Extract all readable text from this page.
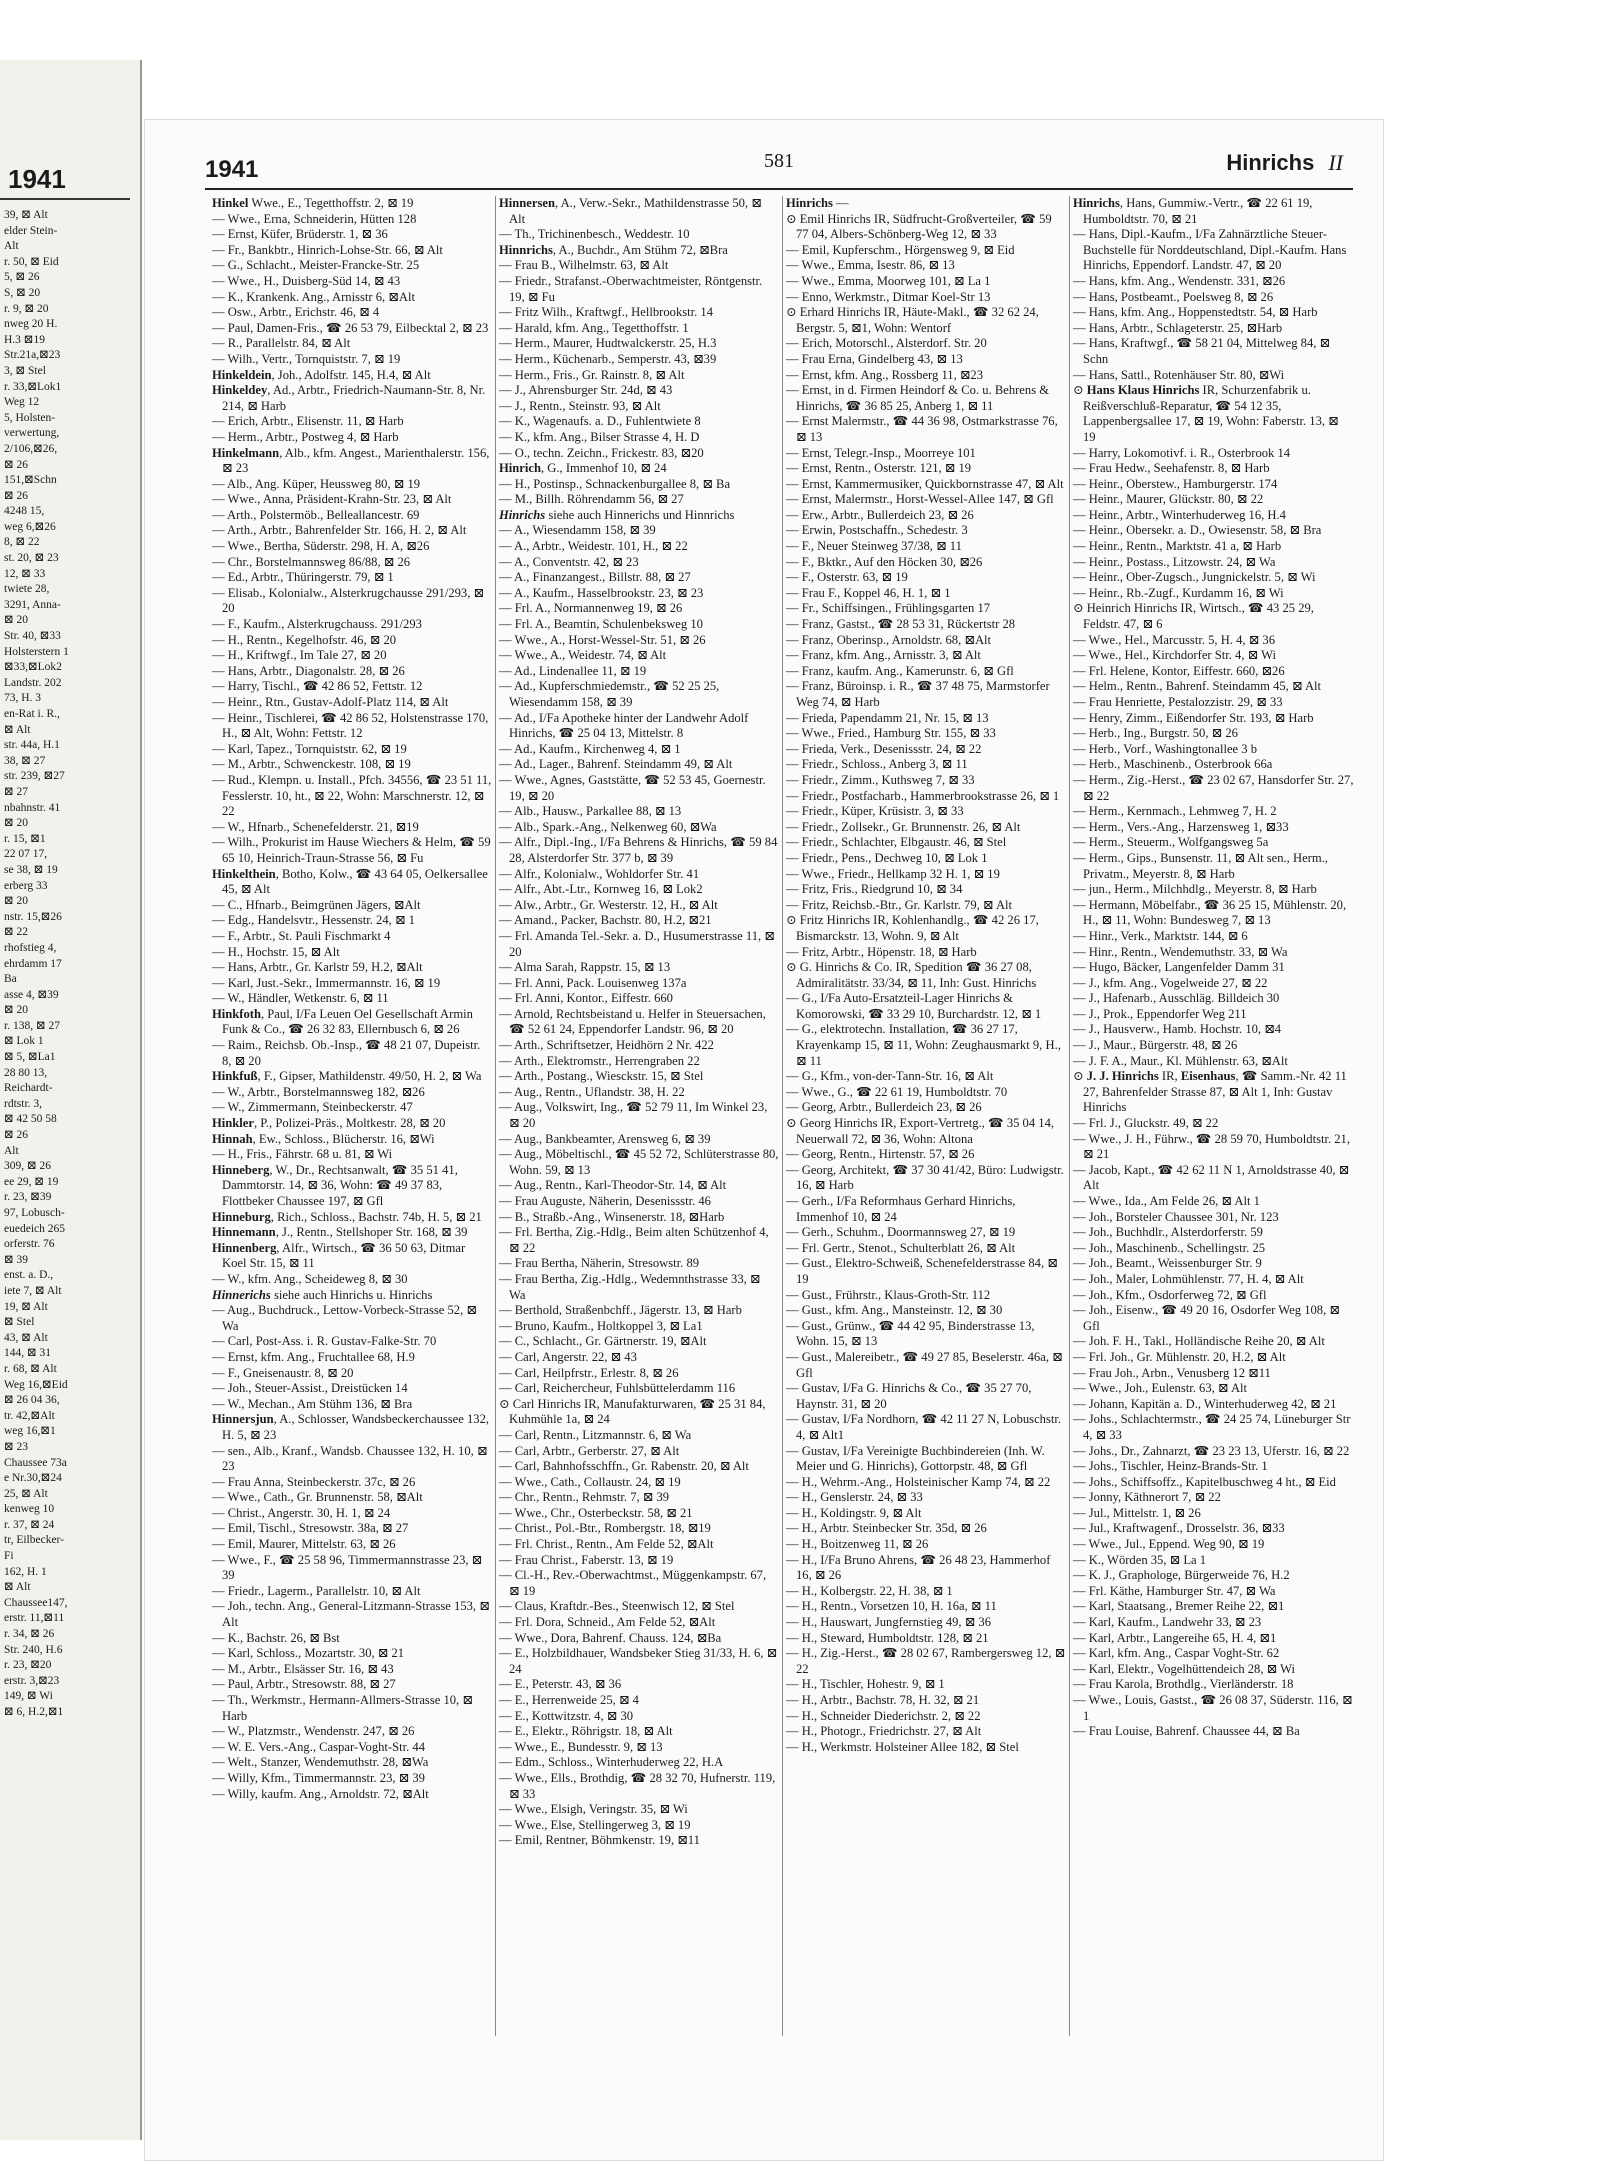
1941
39, ⊠ Alt
elder Stein-
Alt
r. 50, ⊠ Eid
5, ⊠ 26
S, ⊠ 20
r. 9, ⊠ 20
nweg 20 H.
H.3 ⊠19
Str.21a,⊠23
3, ⊠ Stel
r. 33,⊠Lok1
Weg 12
5, Holsten-
verwertung,
2/106,⊠26,
⊠ 26
151,⊠Schn
⊠ 26
4248 15,
weg 6,⊠26
8, ⊠ 22
st. 20, ⊠ 23
12, ⊠ 33
twiete 28,
3291, Anna-
⊠ 20
Str. 40, ⊠33
Holsterstern 1
⊠33,⊠Lok2
Landstr. 202
73, H. 3
en-Rat i. R.,
⊠ Alt
str. 44a, H.1
38, ⊠ 27
str. 239, ⊠27
⊠ 27
nbahnstr. 41
⊠ 20
r. 15, ⊠1
22 07 17,
se 38, ⊠ 19
erberg 33
⊠ 20
nstr. 15,⊠26
⊠ 22
rhofstieg 4,
ehrdamm 17
Ba
asse 4, ⊠39
⊠ 20
r. 138, ⊠ 27
⊠ Lok 1
⊠ 5, ⊠La1
28 80 13,
Reichardt-
rdtstr. 3,
⊠ 42 50 58
⊠ 26
Alt
309, ⊠ 26
ee 29, ⊠ 19
r. 23, ⊠39
97, Lobusch-
euedeich 265
orferstr. 76
⊠ 39
enst. a. D.,
iete 7, ⊠ Alt
19, ⊠ Alt
⊠ Stel
43, ⊠ Alt
144, ⊠ 31
r. 68, ⊠ Alt
Weg 16,⊠Eid
⊠ 26 04 36,
tr. 42,⊠Alt
weg 16,⊠1
⊠ 23
Chaussee 73a
e Nr.30,⊠24
25, ⊠ Alt
kenweg 10
r. 37, ⊠ 24
tr, Eilbecker-
Fi
162, H. 1
⊠ Alt
Chaussee147,
erstr. 11,⊠11
r. 34, ⊠ 26
Str. 240, H.6
r. 23, ⊠20
erstr. 3,⊠23
149, ⊠ Wi
⊠ 6, H.2,⊠1
1941	581	Hinrichs II

Hinkel Wwe., E., Tegetthoffstr. 2, ⊠ 19

— Wwe., Erna, Schneiderin, Hütten 128

— Ernst, Küfer, Brüderstr. 1, ⊠ 36

— Fr., Bankbtr., Hinrich-Lohse-Str. 66, ⊠ Alt

— G., Schlacht., Meister-Francke-Str. 25

— Wwe., H., Duisberg-Süd 14, ⊠ 43

— K., Krankenk. Ang., Arnisstr 6, ⊠Alt

— Osw., Arbtr., Erichstr. 46, ⊠ 4

— Paul, Damen-Fris., ☎ 26 53 79, Eilbecktal 2, ⊠ 23

— R., Parallelstr. 84, ⊠ Alt

— Wilh., Vertr., Tornquiststr. 7, ⊠ 19

Hinkeldein, Joh., Adolfstr. 145, H.4, ⊠ Alt

Hinkeldey, Ad., Arbtr., Friedrich-Naumann-Str. 8, Nr. 214, ⊠ Harb

— Erich, Arbtr., Elisenstr. 11, ⊠ Harb

— Herm., Arbtr., Postweg 4, ⊠ Harb

Hinkelmann, Alb., kfm. Angest., Marienthalerstr. 156, ⊠ 23

— Alb., Ang. Küper, Heussweg 80, ⊠ 19

— Wwe., Anna, Präsident-Krahn-Str. 23, ⊠ Alt

— Arth., Polstermöb., Belleallancestr. 69

— Arth., Arbtr., Bahrenfelder Str. 166, H. 2, ⊠ Alt

— Wwe., Bertha, Süderstr. 298, H. A, ⊠26

— Chr., Borstelmannsweg 86/88, ⊠ 26

— Ed., Arbtr., Thüringerstr. 79, ⊠ 1

— Elisab., Kolonialw., Alsterkrugchausse 291/293, ⊠ 20

— F., Kaufm., Alsterkrugchauss. 291/293

— H., Rentn., Kegelhofstr. 46, ⊠ 20

— H., Kriftwgf., Im Tale 27, ⊠ 20

— Hans, Arbtr., Diagonalstr. 28, ⊠ 26

— Harry, Tischl., ☎ 42 86 52, Fettstr. 12

— Heinr., Rtn., Gustav-Adolf-Platz 114, ⊠ Alt

— Heinr., Tischlerei, ☎ 42 86 52, Holstenstrasse 170, H., ⊠ Alt, Wohn: Fettstr. 12

— Karl, Tapez., Tornquiststr. 62, ⊠ 19

— M., Arbtr., Schwenckestr. 108, ⊠ 19

— Rud., Klempn. u. Install., Pfch. 34556, ☎ 23 51 11, Fesslerstr. 10, ht., ⊠ 22, Wohn: Marschnerstr. 12, ⊠ 22

— W., Hfnarb., Schenefelderstr. 21, ⊠19

— Wilh., Prokurist im Hause Wiechers & Helm, ☎ 59 65 10, Heinrich-Traun-Strasse 56, ⊠ Fu

Hinkelthein, Botho, Kolw., ☎ 43 64 05, Oelkersallee 45, ⊠ Alt

— C., Hfnarb., Beimgrünen Jägers, ⊠Alt

— Edg., Handelsvtr., Hessenstr. 24, ⊠ 1

— F., Arbtr., St. Pauli Fischmarkt 4

— H., Hochstr. 15, ⊠ Alt

— Hans, Arbtr., Gr. Karlstr 59, H.2, ⊠Alt

— Karl, Just.-Sekr., Immermannstr. 16, ⊠ 19

— W., Händler, Wetkenstr. 6, ⊠ 11

Hinkfoth, Paul, I/Fa Leuen Oel Gesellschaft Armin Funk & Co., ☎ 26 32 83, Ellernbusch 6, ⊠ 26

— Raim., Reichsb. Ob.-Insp., ☎ 48 21 07, Dupeistr. 8, ⊠ 20

Hinkfuß, F., Gipser, Mathildenstr. 49/50, H. 2, ⊠ Wa

— W., Arbtr., Borstelmannsweg 182, ⊠26

— W., Zimmermann, Steinbeckerstr. 47

Hinkler, P., Polizei-Präs., Moltkestr. 28, ⊠ 20

Hinnah, Ew., Schloss., Blücherstr. 16, ⊠Wi

— H., Fris., Fährstr. 68 u. 81, ⊠ Wi

Hinneberg, W., Dr., Rechtsanwalt, ☎ 35 51 41, Dammtorstr. 14, ⊠ 36, Wohn: ☎ 49 37 83, Flottbeker Chaussee 197, ⊠ Gfl

Hinneburg, Rich., Schloss., Bachstr. 74b, H. 5, ⊠ 21

Hinnemann, J., Rentn., Stellshoper Str. 168, ⊠ 39

Hinnenberg, Alfr., Wirtsch., ☎ 36 50 63, Ditmar Koel Str. 15, ⊠ 11

— W., kfm. Ang., Scheideweg 8, ⊠ 30

Hinnerichs siehe auch Hinrichs u. Hinrichs

— Aug., Buchdruck., Lettow-Vorbeck-Strasse 52, ⊠ Wa

— Carl, Post-Ass. i. R. Gustav-Falke-Str. 70

— Ernst, kfm. Ang., Fruchtallee 68, H.9

— F., Gneisenaustr. 8, ⊠ 20

— Joh., Steuer-Assist., Dreistücken 14

— W., Mechan., Am Stühm 136, ⊠ Bra

Hinnersjun, A., Schlosser, Wandsbeckerchaussee 132, H. 5, ⊠ 23

— sen., Alb., Kranf., Wandsb. Chaussee 132, H. 10, ⊠ 23

— Frau Anna, Steinbeckerstr. 37c, ⊠ 26

— Wwe., Cath., Gr. Brunnenstr. 58, ⊠Alt

— Christ., Angerstr. 30, H. 1, ⊠ 24

— Emil, Tischl., Stresowstr. 38a, ⊠ 27

— Emil, Maurer, Mittelstr. 63, ⊠ 26

— Wwe., F., ☎ 25 58 96, Timmermannstrasse 23, ⊠ 39

— Friedr., Lagerm., Parallelstr. 10, ⊠ Alt

— Joh., techn. Ang., General-Litzmann-Strasse 153, ⊠ Alt

— K., Bachstr. 26, ⊠ Bst

— Karl, Schloss., Mozartstr. 30, ⊠ 21

— M., Arbtr., Elsässer Str. 16, ⊠ 43

— Paul, Arbtr., Stresowstr. 88, ⊠ 27

— Th., Werkmstr., Hermann-Allmers-Strasse 10, ⊠ Harb

— W., Platzmstr., Wendenstr. 247, ⊠ 26

— W. E. Vers.-Ang., Caspar-Voght-Str. 44

— Welt., Stanzer, Wendemuthstr. 28, ⊠Wa

— Willy, Kfm., Timmermannstr. 23, ⊠ 39

— Willy, kaufm. Ang., Arnoldstr. 72, ⊠Alt

Hinnersen, A., Verw.-Sekr., Mathildenstrasse 50, ⊠ Alt

— Th., Trichinenbesch., Weddestr. 10

Hinnrichs, A., Buchdr., Am Stühm 72, ⊠Bra

— Frau B., Wilhelmstr. 63, ⊠ Alt

— Friedr., Strafanst.-Oberwachtmeister, Röntgenstr. 19, ⊠ Fu

— Fritz Wilh., Kraftwgf., Hellbrookstr. 14

— Harald, kfm. Ang., Tegetthoffstr. 1

— Herm., Maurer, Hudtwalckerstr. 25, H.3

— Herm., Küchenarb., Semperstr. 43, ⊠39

— Herm., Fris., Gr. Rainstr. 8, ⊠ Alt

— J., Ahrensburger Str. 24d, ⊠ 43

— J., Rentn., Steinstr. 93, ⊠ Alt

— K., Wagenaufs. a. D., Fuhlentwiete 8

— K., kfm. Ang., Bilser Strasse 4, H. D

— O., techn. Zeichn., Frickestr. 83, ⊠20

Hinrich, G., Immenhof 10, ⊠ 24

— H., Postinsp., Schnackenburgallee 8, ⊠ Ba

— M., Billh. Röhrendamm 56, ⊠ 27

Hinrichs siehe auch Hinnerichs und Hinnrichs

— A., Wiesendamm 158, ⊠ 39

— A., Arbtr., Weidestr. 101, H., ⊠ 22

— A., Conventstr. 42, ⊠ 23

— A., Finanzangest., Billstr. 88, ⊠ 27

— A., Kaufm., Hasselbrookstr. 23, ⊠ 23

— Frl. A., Normannenweg 19, ⊠ 26

— Frl. A., Beamtin, Schulenbeksweg 10

— Wwe., A., Horst-Wessel-Str. 51, ⊠ 26

— Wwe., A., Weidestr. 74, ⊠ Alt

— Ad., Lindenallee 11, ⊠ 19

— Ad., Kupferschmiedemstr., ☎ 52 25 25, Wiesendamm 158, ⊠ 39

— Ad., I/Fa Apotheke hinter der Landwehr Adolf Hinrichs, ☎ 25 04 13, Mittelstr. 8

— Ad., Kaufm., Kirchenweg 4, ⊠ 1

— Ad., Lager., Bahrenf. Steindamm 49, ⊠ Alt

— Wwe., Agnes, Gaststätte, ☎ 52 53 45, Goernestr. 19, ⊠ 20

— Alb., Hausw., Parkallee 88, ⊠ 13

— Alb., Spark.-Ang., Nelkenweg 60, ⊠Wa

— Alfr., Dipl.-Ing., I/Fa Behrens & Hinrichs, ☎ 59 84 28, Alsterdorfer Str. 377 b, ⊠ 39

— Alfr., Kolonialw., Wohldorfer Str. 41

— Alfr., Abt.-Ltr., Kornweg 16, ⊠ Lok2

— Alw., Arbtr., Gr. Westerstr. 12, H., ⊠ Alt

— Amand., Packer, Bachstr. 80, H.2, ⊠21

— Frl. Amanda Tel.-Sekr. a. D., Husumerstrasse 11, ⊠ 20

— Alma Sarah, Rappstr. 15, ⊠ 13

— Frl. Anni, Pack. Louisenweg 137a

— Frl. Anni, Kontor., Eiffestr. 660

— Arnold, Rechtsbeistand u. Helfer in Steuersachen, ☎ 52 61 24, Eppendorfer Landstr. 96, ⊠ 20

— Arth., Schriftsetzer, Heidhörn 2 Nr. 422

— Arth., Elektromstr., Herrengraben 22

— Arth., Postang., Wiesckstr. 15, ⊠ Stel

— Aug., Rentn., Uflandstr. 38, H. 22

— Aug., Volkswirt, Ing., ☎ 52 79 11, Im Winkel 23, ⊠ 20

— Aug., Bankbeamter, Arensweg 6, ⊠ 39

— Aug., Möbeltischl., ☎ 45 52 72, Schlüterstrasse 80, Wohn. 59, ⊠ 13

— Aug., Rentn., Karl-Theodor-Str. 14, ⊠ Alt

— Frau Auguste, Näherin, Desenissstr. 46

— B., Straßb.-Ang., Winsenerstr. 18, ⊠Harb

— Frl. Bertha, Zig.-Hdlg., Beim alten Schützenhof 4, ⊠ 22

— Frau Bertha, Näherin, Stresowstr. 89

— Frau Bertha, Zig.-Hdlg., Wedemnthstrasse 33, ⊠ Wa

— Berthold, Straßenbchff., Jägerstr. 13, ⊠ Harb

— Bruno, Kaufm., Holtkoppel 3, ⊠ La1

— C., Schlacht., Gr. Gärtnerstr. 19, ⊠Alt

— Carl, Angerstr. 22, ⊠ 43

— Carl, Heilpfrstr., Erlestr. 8, ⊠ 26

— Carl, Reichercheur, Fuhlsbüttelerdamm 116

⊙ Carl Hinrichs IR, Manufakturwaren, ☎ 25 31 84, Kuhmühle 1a, ⊠ 24

— Carl, Rentn., Litzmannstr. 6, ⊠ Wa

— Carl, Arbtr., Gerberstr. 27, ⊠ Alt

— Carl, Bahnhofsschffn., Gr. Rabenstr. 20, ⊠ Alt

— Wwe., Cath., Collaustr. 24, ⊠ 19

— Chr., Rentn., Rehmstr. 7, ⊠ 39

— Wwe., Chr., Osterbeckstr. 58, ⊠ 21

— Christ., Pol.-Btr., Rombergstr. 18, ⊠19

— Frl. Christ., Rentn., Am Felde 52, ⊠Alt

— Frau Christ., Faberstr. 13, ⊠ 19

— Cl.-H., Rev.-Oberwachtmst., Müggenkampstr. 67, ⊠ 19

— Claus, Kraftdr.-Bes., Steenwisch 12, ⊠ Stel

— Frl. Dora, Schneid., Am Felde 52, ⊠Alt

— Wwe., Dora, Bahrenf. Chauss. 124, ⊠Ba

— E., Holzbildhauer, Wandsbeker Stieg 31/33, H. 6, ⊠ 24

— E., Peterstr. 43, ⊠ 36

— E., Herrenweide 25, ⊠ 4

— E., Kottwitzstr. 4, ⊠ 30

— E., Elektr., Röhrigstr. 18, ⊠ Alt

— Wwe., E., Bundesstr. 9, ⊠ 13

— Edm., Schloss., Winterhuderweg 22, H.A

— Wwe., Ells., Brothdig, ☎ 28 32 70, Hufnerstr. 119, ⊠ 33

— Wwe., Elsigh, Veringstr. 35, ⊠ Wi

— Wwe., Else, Stellingerweg 3, ⊠ 19

— Emil, Rentner, Böhmkenstr. 19, ⊠11

Hinrichs —

⊙ Emil Hinrichs IR, Südfrucht-Großverteiler, ☎ 59 77 04, Albers-Schönberg-Weg 12, ⊠ 33

— Emil, Kupferschm., Hörgensweg 9, ⊠ Eid

— Wwe., Emma, Isestr. 86, ⊠ 13

— Wwe., Emma, Moorweg 101, ⊠ La 1

— Enno, Werkmstr., Ditmar Koel-Str 13

⊙ Erhard Hinrichs IR, Häute-Makl., ☎ 32 62 24, Bergstr. 5, ⊠1, Wohn: Wentorf

— Erich, Motorschl., Alsterdorf. Str. 20

— Frau Erna, Gindelberg 43, ⊠ 13

— Ernst, kfm. Ang., Rossberg 11, ⊠23

— Ernst, in d. Firmen Heindorf & Co. u. Behrens & Hinrichs, ☎ 36 85 25, Anberg 1, ⊠ 11

— Ernst Malermstr., ☎ 44 36 98, Ostmarkstrasse 76, ⊠ 13

— Ernst, Telegr.-Insp., Moorreye 101

— Ernst, Rentn., Osterstr. 121, ⊠ 19

— Ernst, Kammermusiker, Quickbornstrasse 47, ⊠ Alt

— Ernst, Malermstr., Horst-Wessel-Allee 147, ⊠ Gfl

— Erw., Arbtr., Bullerdeich 23, ⊠ 26

— Erwin, Postschaffn., Schedestr. 3

— F., Neuer Steinweg 37/38, ⊠ 11

— F., Bktkr., Auf den Höcken 30, ⊠26

— F., Osterstr. 63, ⊠ 19

— Frau F., Koppel 46, H. 1, ⊠ 1

— Fr., Schiffsingen., Frühlingsgarten 17

— Franz, Gastst., ☎ 28 53 31, Rückertstr 28

— Franz, Oberinsp., Arnoldstr. 68, ⊠Alt

— Franz, kfm. Ang., Arnisstr. 3, ⊠ Alt

— Franz, kaufm. Ang., Kamerunstr. 6, ⊠ Gfl

— Franz, Büroinsp. i. R., ☎ 37 48 75, Marmstorfer Weg 74, ⊠ Harb

— Frieda, Papendamm 21, Nr. 15, ⊠ 13

— Wwe., Fried., Hamburg Str. 155, ⊠ 33

— Frieda, Verk., Desenissstr. 24, ⊠ 22

— Friedr., Schloss., Anberg 3, ⊠ 11

— Friedr., Zimm., Kuthsweg 7, ⊠ 33

— Friedr., Postfacharb., Hammerbrookstrasse 26, ⊠ 1

— Friedr., Küper, Krüsistr. 3, ⊠ 33

— Friedr., Zollsekr., Gr. Brunnenstr. 26, ⊠ Alt

— Friedr., Schlachter, Elbgaustr. 46, ⊠ Stel

— Friedr., Pens., Dechweg 10, ⊠ Lok 1

— Wwe., Friedr., Hellkamp 32 H. 1, ⊠ 19

— Fritz, Fris., Riedgrund 10, ⊠ 34

— Fritz, Reichsb.-Btr., Gr. Karlstr. 79, ⊠ Alt

⊙ Fritz Hinrichs IR, Kohlenhandlg., ☎ 42 26 17, Bismarckstr. 13, Wohn. 9, ⊠ Alt

— Fritz, Arbtr., Höpenstr. 18, ⊠ Harb

⊙ G. Hinrichs & Co. IR, Spedition ☎ 36 27 08, Admiralitätstr. 33/34, ⊠ 11, Inh: Gust. Hinrichs

— G., I/Fa Auto-Ersatzteil-Lager Hinrichs & Komorowski, ☎ 33 29 10, Burchardstr. 12, ⊠ 1

— G., elektrotechn. Installation, ☎ 36 27 17, Krayenkamp 15, ⊠ 11, Wohn: Zeughausmarkt 9, H., ⊠ 11

— G., Kfm., von-der-Tann-Str. 16, ⊠ Alt

— Wwe., G., ☎ 22 61 19, Humboldtstr. 70

— Georg, Arbtr., Bullerdeich 23, ⊠ 26

⊙ Georg Hinrichs IR, Export-Vertretg., ☎ 35 04 14, Neuerwall 72, ⊠ 36, Wohn: Altona

— Georg, Rentn., Hirtenstr. 57, ⊠ 26

— Georg, Architekt, ☎ 37 30 41/42, Büro: Ludwigstr. 16, ⊠ Harb

— Gerh., I/Fa Reformhaus Gerhard Hinrichs, Immenhof 10, ⊠ 24

— Gerh., Schuhm., Doormannsweg 27, ⊠ 19

— Frl. Gertr., Stenot., Schulterblatt 26, ⊠ Alt

— Gust., Elektro-Schweiß, Schenefelderstrasse 84, ⊠ 19

— Gust., Frührstr., Klaus-Groth-Str. 112

— Gust., kfm. Ang., Mansteinstr. 12, ⊠ 30

— Gust., Grünw., ☎ 44 42 95, Binderstrasse 13, Wohn. 15, ⊠ 13

— Gust., Malereibetr., ☎ 49 27 85, Beselerstr. 46a, ⊠ Gfl

— Gustav, I/Fa G. Hinrichs & Co., ☎ 35 27 70, Haynstr. 31, ⊠ 20

— Gustav, I/Fa Nordhorn, ☎ 42 11 27 N, Lobuschstr. 4, ⊠ Alt1

— Gustav, I/Fa Vereinigte Buchbindereien (Inh. W. Meier und G. Hinrichs), Gottorpstr. 48, ⊠ Gfl

— H., Wehrm.-Ang., Holsteinischer Kamp 74, ⊠ 22

— H., Genslerstr. 24, ⊠ 33

— H., Koldingstr. 9, ⊠ Alt

— H., Arbtr. Steinbecker Str. 35d, ⊠ 26

— H., Boitzenweg 11, ⊠ 26

— H., I/Fa Bruno Ahrens, ☎ 26 48 23, Hammerhof 16, ⊠ 26

— H., Kolbergstr. 22, H. 38, ⊠ 1

— H., Rentn., Vorsetzen 10, H. 16a, ⊠ 11

— H., Hauswart, Jungfernstieg 49, ⊠ 36

— H., Steward, Humboldtstr. 128, ⊠ 21

— H., Zig.-Herst., ☎ 28 02 67, Rambergersweg 12, ⊠ 22

— H., Tischler, Hohestr. 9, ⊠ 1

— H., Arbtr., Bachstr. 78, H. 32, ⊠ 21

— H., Schneider Diederichstr. 2, ⊠ 22

— H., Photogr., Friedrichstr. 27, ⊠ Alt

— H., Werkmstr. Holsteiner Allee 182, ⊠ Stel

Hinrichs, Hans, Gummiw.-Vertr., ☎ 22 61 19, Humboldtstr. 70, ⊠ 21

— Hans, Dipl.-Kaufm., I/Fa Zahnärztliche Steuer-Buchstelle für Norddeutschland, Dipl.-Kaufm. Hans Hinrichs, Eppendorf. Landstr. 47, ⊠ 20

— Hans, kfm. Ang., Wendenstr. 331, ⊠26

— Hans, Postbeamt., Poelsweg 8, ⊠ 26

— Hans, kfm. Ang., Hoppenstedtstr. 54, ⊠ Harb

— Hans, Arbtr., Schlageterstr. 25, ⊠Harb

— Hans, Kraftwgf., ☎ 58 21 04, Mittelweg 84, ⊠ Schn

— Hans, Sattl., Rotenhäuser Str. 80, ⊠Wi

⊙ Hans Klaus Hinrichs IR, Schurzenfabrik u. Reißverschluß-Reparatur, ☎ 54 12 35, Lappenbergsallee 17, ⊠ 19, Wohn: Faberstr. 13, ⊠ 19

— Harry, Lokomotivf. i. R., Osterbrook 14

— Frau Hedw., Seehafenstr. 8, ⊠ Harb

— Heinr., Oberstew., Hamburgerstr. 174

— Heinr., Maurer, Glückstr. 80, ⊠ 22

— Heinr., Arbtr., Winterhuderweg 16, H.4

— Heinr., Obersekr. a. D., Owiesenstr. 58, ⊠ Bra

— Heinr., Rentn., Marktstr. 41 a, ⊠ Harb

— Heinr., Postass., Litzowstr. 24, ⊠ Wa

— Heinr., Ober-Zugsch., Jungnickelstr. 5, ⊠ Wi

— Heinr., Rb.-Zugf., Kurdamm 16, ⊠ Wi

⊙ Heinrich Hinrichs IR, Wirtsch., ☎ 43 25 29, Feldstr. 47, ⊠ 6

— Wwe., Hel., Marcusstr. 5, H. 4, ⊠ 36

— Wwe., Hel., Kirchdorfer Str. 4, ⊠ Wi

— Frl. Helene, Kontor, Eiffestr. 660, ⊠26

— Helm., Rentn., Bahrenf. Steindamm 45, ⊠ Alt

— Frau Henriette, Pestalozzistr. 29, ⊠ 33

— Henry, Zimm., Eißendorfer Str. 193, ⊠ Harb

— Herb., Ing., Burgstr. 50, ⊠ 26

— Herb., Vorf., Washingtonallee 3 b

— Herb., Maschinenb., Osterbrook 66a

— Herm., Zig.-Herst., ☎ 23 02 67, Hansdorfer Str. 27, ⊠ 22

— Herm., Kernmach., Lehmweg 7, H. 2

— Herm., Vers.-Ang., Harzensweg 1, ⊠33

— Herm., Steuerm., Wolfgangsweg 5a

— Herm., Gips., Bunsenstr. 11, ⊠ Alt sen., Herm., Privatm., Meyerstr. 8, ⊠ Harb

— jun., Herm., Milchhdlg., Meyerstr. 8, ⊠ Harb

— Hermann, Möbelfabr., ☎ 36 25 15, Mühlenstr. 20, H., ⊠ 11, Wohn: Bundesweg 7, ⊠ 13

— Hinr., Verk., Marktstr. 144, ⊠ 6

— Hinr., Rentn., Wendemuthstr. 33, ⊠ Wa

— Hugo, Bäcker, Langenfelder Damm 31

— J., kfm. Ang., Vogelweide 27, ⊠ 22

— J., Hafenarb., Ausschläg. Billdeich 30

— J., Prok., Eppendorfer Weg 211

— J., Hausverw., Hamb. Hochstr. 10, ⊠4

— J., Maur., Bürgerstr. 48, ⊠ 26

— J. F. A., Maur., Kl. Mühlenstr. 63, ⊠Alt

⊙ J. J. Hinrichs IR, Eisenhaus, ☎ Samm.-Nr. 42 11 27, Bahrenfelder Strasse 87, ⊠ Alt 1, Inh: Gustav Hinrichs

— Frl. J., Gluckstr. 49, ⊠ 22

— Wwe., J. H., Führw., ☎ 28 59 70, Humboldtstr. 21, ⊠ 21

— Jacob, Kapt., ☎ 42 62 11 N 1, Arnoldstrasse 40, ⊠ Alt

— Wwe., Ida., Am Felde 26, ⊠ Alt 1

— Joh., Borsteler Chaussee 301, Nr. 123

— Joh., Buchhdlr., Alsterdorferstr. 59

— Joh., Maschinenb., Schellingstr. 25

— Joh., Beamt., Weissenburger Str. 9

— Joh., Maler, Lohmühlenstr. 77, H. 4, ⊠ Alt

— Joh., Kfm., Osdorferweg 72, ⊠ Gfl

— Joh., Eisenw., ☎ 49 20 16, Osdorfer Weg 108, ⊠ Gfl

— Joh. F. H., Takl., Holländische Reihe 20, ⊠ Alt

— Frl. Joh., Gr. Mühlenstr. 20, H.2, ⊠ Alt

— Frau Joh., Arbn., Venusberg 12 ⊠11

— Wwe., Joh., Eulenstr. 63, ⊠ Alt

— Johann, Kapitän a. D., Winterhuderweg 42, ⊠ 21

— Johs., Schlachtermstr., ☎ 24 25 74, Lüneburger Str 4, ⊠ 33

— Johs., Dr., Zahnarzt, ☎ 23 23 13, Uferstr. 16, ⊠ 22

— Johs., Tischler, Heinz-Brands-Str. 1

— Johs., Schiffsoffz., Kapitelbuschweg 4 ht., ⊠ Eid

— Jonny, Käthnerort 7, ⊠ 22

— Jul., Mittelstr. 1, ⊠ 26

— Jul., Kraftwagenf., Drosselstr. 36, ⊠33

— Wwe., Jul., Eppend. Weg 90, ⊠ 19

— K., Wörden 35, ⊠ La 1

— K. J., Graphologe, Bürgerweide 76, H.2

— Frl. Käthe, Hamburger Str. 47, ⊠ Wa

— Karl, Staatsang., Bremer Reihe 22, ⊠1

— Karl, Kaufm., Landwehr 33, ⊠ 23

— Karl, Arbtr., Langereihe 65, H. 4, ⊠1

— Karl, kfm. Ang., Caspar Voght-Str. 62

— Karl, Elektr., Vogelhüttendeich 28, ⊠ Wi

— Frau Karola, Brothdlg., Vierländerstr. 18

— Wwe., Louis, Gastst., ☎ 26 08 37, Süderstr. 116, ⊠ 1

— Frau Louise, Bahrenf. Chaussee 44, ⊠ Ba
